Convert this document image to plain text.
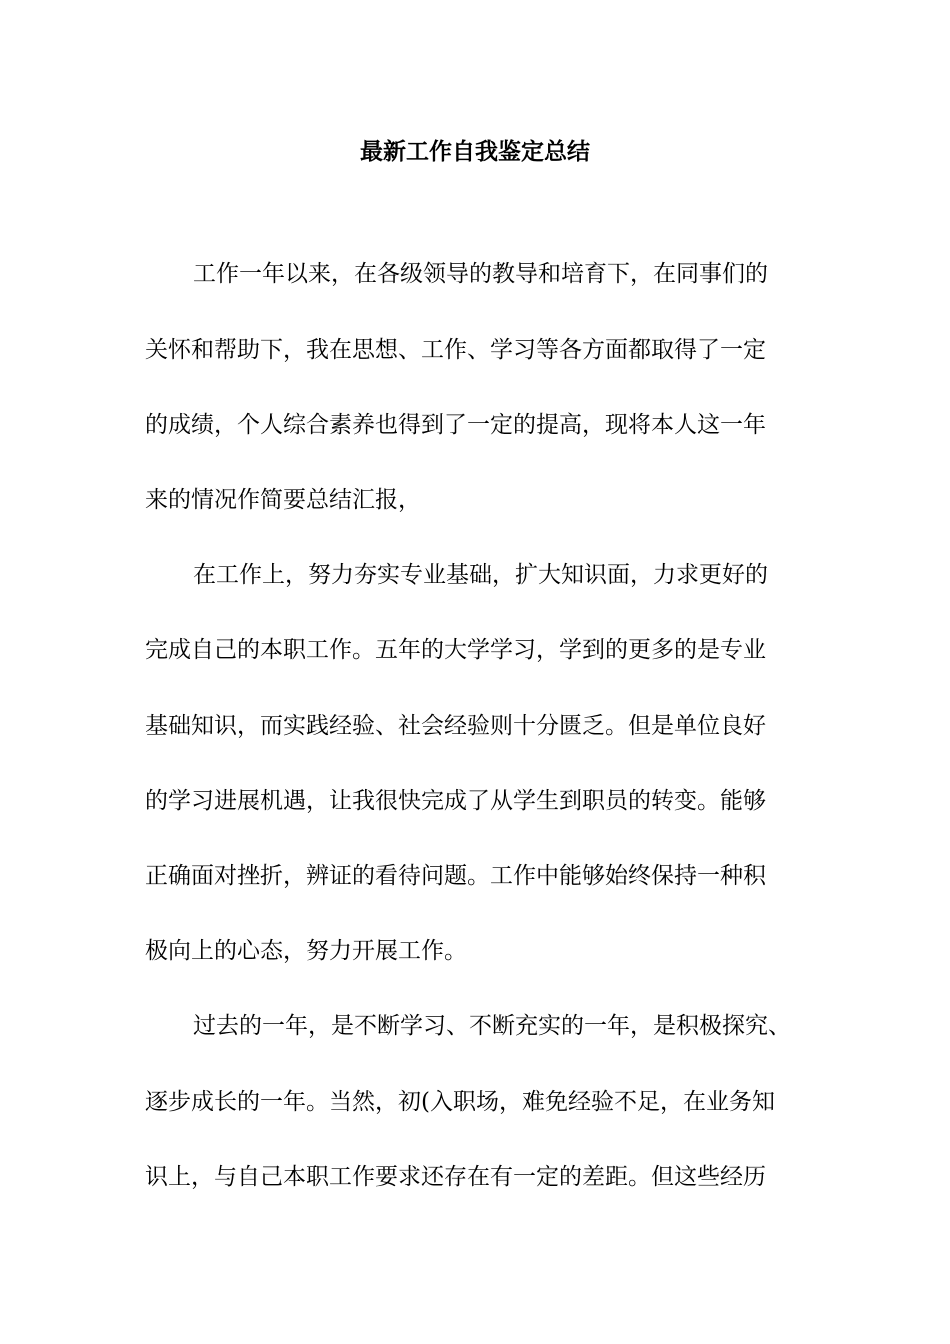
最新工作自我鉴定总结
工作一年以来，在各级领导的教导和培育下，在同事们的
关怀和帮助下，我在思想、工作、学习等各方面都取得了一定
的成绩，个人综合素养也得到了一定的提高，现将本人这一年
来的情况作简要总结汇报，
在工作上，努力夯实专业基础，扩大知识面，力求更好的
完成自己的本职工作。五年的大学学习，学到的更多的是专业
基础知识，而实践经验、社会经验则十分匮乏。但是单位良好
的学习进展机遇，让我很快完成了从学生到职员的转变。能够
正确面对挫折，辨证的看待问题。工作中能够始终保持一种积
极向上的心态，努力开展工作。
过去的一年，是不断学习、不断充实的一年，是积极探究、
逐步成长的一年。当然，初(入职场，难免经验不足，在业务知
识上，与自己本职工作要求还存在有一定的差距。但这些经历
